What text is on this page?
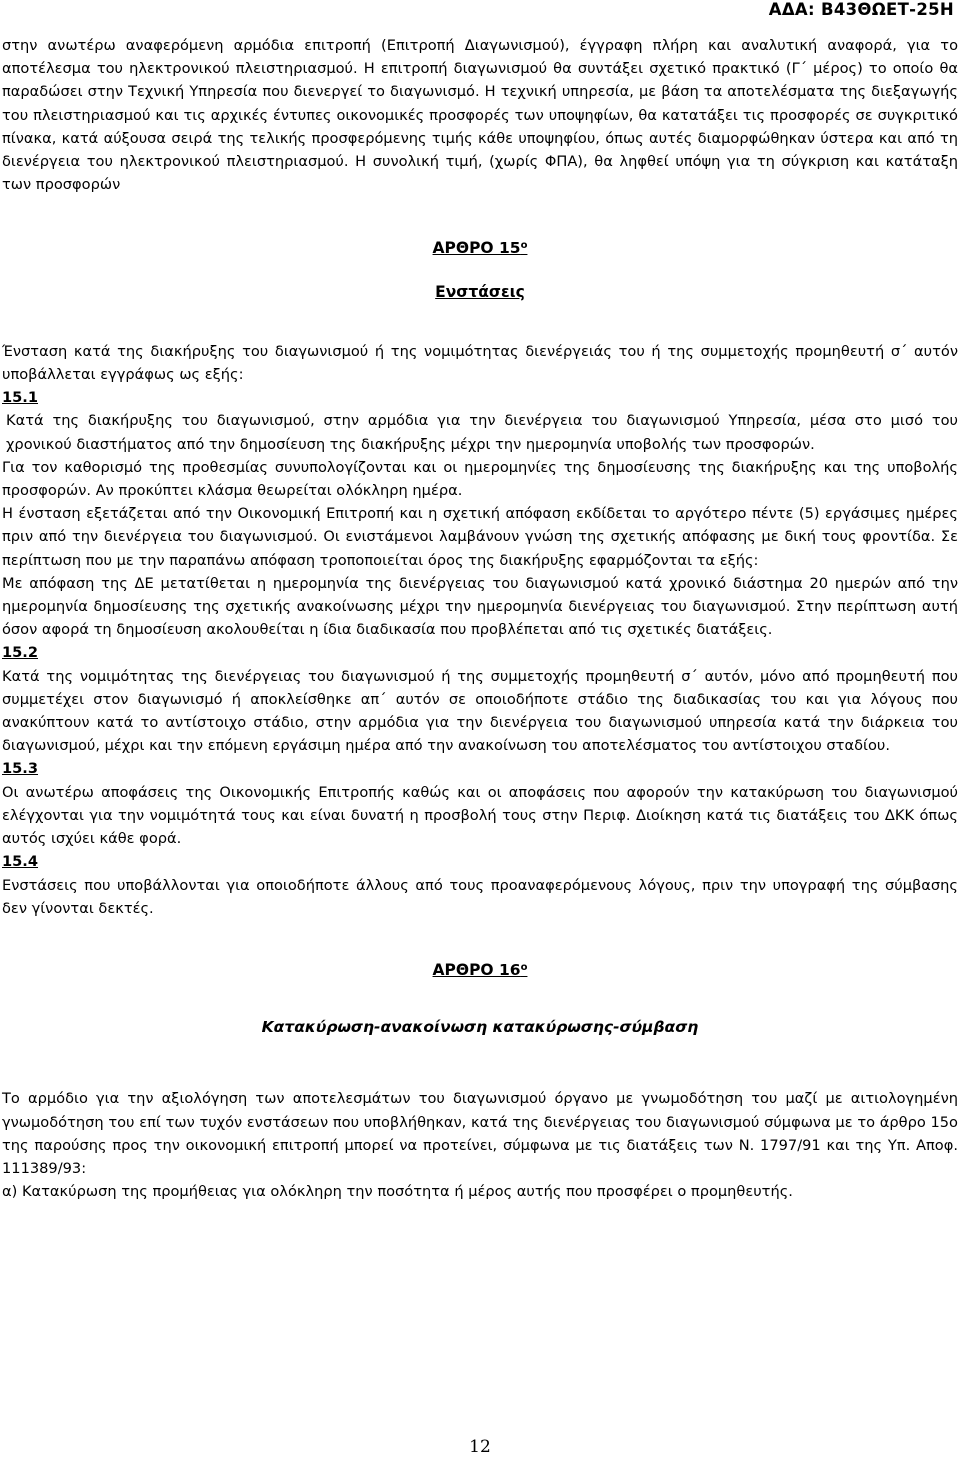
ΑΔΑ: Β43ΘΩΕΤ-25Η

στην ανωτέρω αναφερόμενη αρμόδια επιτροπή (Επιτροπή Διαγωνισμού), έγγραφη πλήρη και αναλυτική αναφορά, για το αποτέλεσμα του ηλεκτρονικού πλειστηριασμού. Η επιτροπή διαγωνισμού θα συντάξει σχετικό πρακτικό (Γ΄ μέρος) το οποίο θα παραδώσει στην Τεχνική Υπηρεσία που διενεργεί το διαγωνισμό. Η τεχνική υπηρεσία, με βάση τα αποτελέσματα της διεξαγωγής του πλειστηριασμού και τις αρχικές έντυπες οικονομικές προσφορές των υποψηφίων, θα κατατάξει τις προσφορές σε συγκριτικό πίνακα, κατά αύξουσα σειρά της τελικής προσφερόμενης τιμής κάθε υποψηφίου, όπως αυτές διαμορφώθηκαν ύστερα και από τη διενέργεια του ηλεκτρονικού πλειστηριασμού. Η συνολική τιμή, (χωρίς ΦΠΑ), θα ληφθεί υπόψη για τη σύγκριση και κατάταξη των προσφορών

ΑΡΘΡΟ $15^o$
Ενστάσεις

Ένσταση κατά της διακήρυξης του διαγωνισμού ή της νομιμότητας διενέργειάς του ή της συμμετοχής προμηθευτή σ΄ αυτόν υποβάλλεται εγγράφως ως εξής:

15.1

Κατά της διακήρυξης του διαγωνισμού, στην αρμόδια για την διενέργεια του διαγωνισμού Υπηρεσία, μέσα στο μισό του χρονικού διαστήματος από την δημοσίευση της διακήρυξης μέχρι την ημερομηνία υποβολής των προσφορών.

Για τον καθορισμό της προθεσμίας συνυπολογίζονται και οι ημερομηνίες της δημοσίευσης της διακήρυξης και της υποβολής προσφορών. Αν προκύπτει κλάσμα θεωρείται ολόκληρη ημέρα.

Η ένσταση εξετάζεται από την Οικονομική Επιτροπή και η σχετική απόφαση εκδίδεται το αργότερο πέντε (5) εργάσιμες ημέρες πριν από την διενέργεια του διαγωνισμού. Οι ενιστάμενοι λαμβάνουν γνώση της σχετικής απόφασης με δική τους φροντίδα. Σε περίπτωση που με την παραπάνω απόφαση τροποποιείται όρος της διακήρυξης εφαρμόζονται τα εξής:

Με απόφαση της ΔΕ μετατίθεται η ημερομηνία της διενέργειας του διαγωνισμού κατά χρονικό διάστημα 20 ημερών από την ημερομηνία δημοσίευσης της σχετικής ανακοίνωσης μέχρι την ημερομηνία διενέργειας του διαγωνισμού. Στην περίπτωση αυτή όσον αφορά τη δημοσίευση ακολουθείται η ίδια διαδικασία που προβλέπεται από τις σχετικές διατάξεις.

15.2

Κατά της νομιμότητας της διενέργειας του διαγωνισμού ή της συμμετοχής προμηθευτή σ΄ αυτόν, μόνο από προμηθευτή που συμμετέχει στον διαγωνισμό ή αποκλείσθηκε απ΄ αυτόν σε οποιοδήποτε στάδιο της διαδικασίας του και για λόγους που ανακύπτουν κατά το αντίστοιχο στάδιο, στην αρμόδια για την διενέργεια του διαγωνισμού υπηρεσία κατά την διάρκεια του διαγωνισμού, μέχρι και την επόμενη εργάσιμη ημέρα από την ανακοίνωση του αποτελέσματος του αντίστοιχου σταδίου.

15.3

Οι ανωτέρω αποφάσεις της Οικονομικής Επιτροπής καθώς και οι αποφάσεις που αφορούν την κατακύρωση του διαγωνισμού ελέγχονται για την νομιμότητά τους και είναι δυνατή η προσβολή τους στην Περιφ. Διοίκηση κατά τις διατάξεις του ΔΚΚ όπως αυτός ισχύει κάθε φορά.

15.4

Ενστάσεις που υποβάλλονται για οποιοδήποτε άλλους από τους προαναφερόμενους λόγους, πριν την υπογραφή της σύμβασης δεν γίνονται δεκτές.

ΑΡΘΡΟ $16^o$
Κατακύρωση-ανακοίνωση κατακύρωσης-σύμβαση

Το αρμόδιο για την αξιολόγηση των αποτελεσμάτων του διαγωνισμού όργανο με γνωμοδότηση του μαζί με αιτιολογημένη γνωμοδότηση του επί των τυχόν ενστάσεων που υποβλήθηκαν, κατά της διενέργειας του διαγωνισμού σύμφωνα με το άρθρο 15ο της παρούσης προς την οικονομική επιτροπή μπορεί να προτείνει, σύμφωνα με τις διατάξεις των Ν. 1797/91 και της Υπ. Αποφ. 111389/93:

α) Κατακύρωση της προμήθειας για ολόκληρη την ποσότητα ή μέρος αυτής που προσφέρει ο προμηθευτής.

12
